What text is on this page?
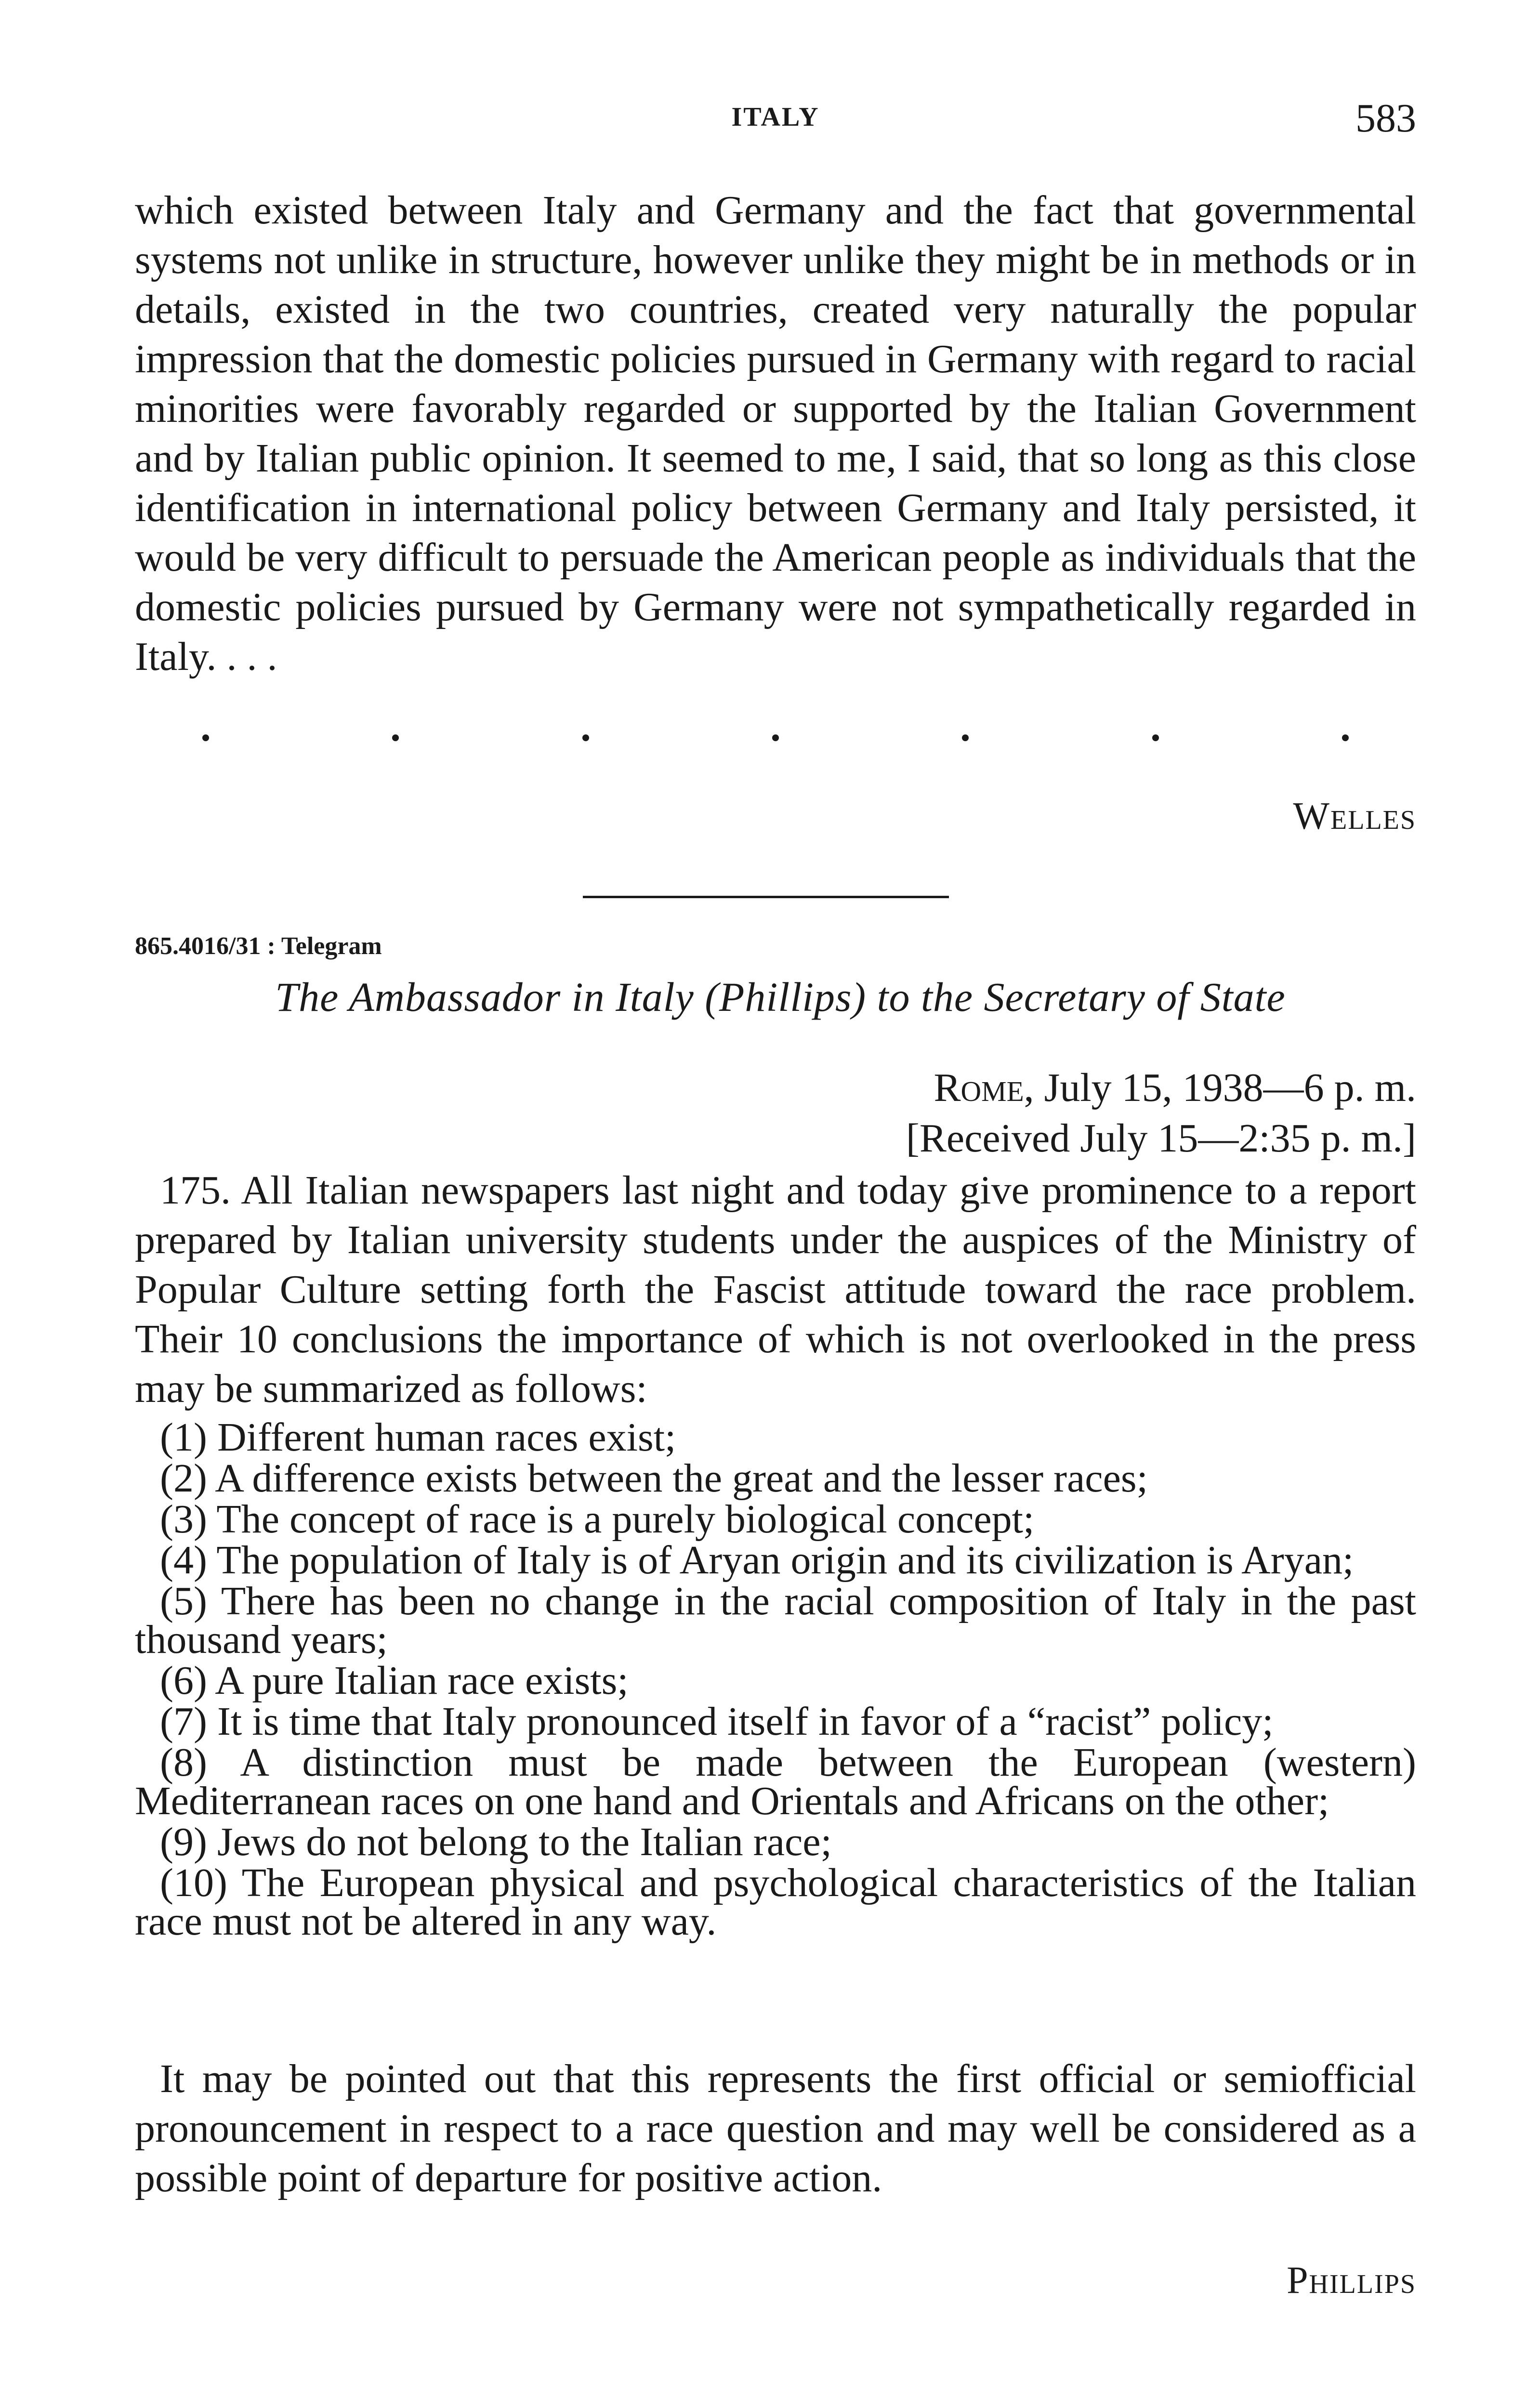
ITALY	583

which existed between Italy and Germany and the fact that governmental systems not unlike in structure, however unlike they might be in methods or in details, existed in the two countries, created very naturally the popular impression that the domestic policies pursued in Germany with regard to racial minorities were favorably regarded or supported by the Italian Government and by Italian public opinion. It seemed to me, I said, that so long as this close identification in international policy between Germany and Italy persisted, it would be very difficult to persuade the American people as individuals that the domestic policies pursued by Germany were not sympathetically regarded in Italy. . . .

Welles
865.4016/31 : Telegram
The Ambassador in Italy (Phillips) to the Secretary of State
Rome, July 15, 1938—6 p. m.
[Received July 15—2:35 p. m.]

175. All Italian newspapers last night and today give prominence to a report prepared by Italian university students under the auspices of the Ministry of Popular Culture setting forth the Fascist attitude toward the race problem. Their 10 conclusions the importance of which is not overlooked in the press may be summarized as follows:

(1) Different human races exist;
(2) A difference exists between the great and the lesser races;
(3) The concept of race is a purely biological concept;
(4) The population of Italy is of Aryan origin and its civilization is Aryan;
(5) There has been no change in the racial composition of Italy in the past thousand years;
(6) A pure Italian race exists;
(7) It is time that Italy pronounced itself in favor of a “racist” policy;
(8) A distinction must be made between the European (western) Mediterranean races on one hand and Orientals and Africans on the other;
(9) Jews do not belong to the Italian race;
(10) The European physical and psychological characteristics of the Italian race must not be altered in any way.

It may be pointed out that this represents the first official or semiofficial pronouncement in respect to a race question and may well be considered as a possible point of departure for positive action.

Phillips
